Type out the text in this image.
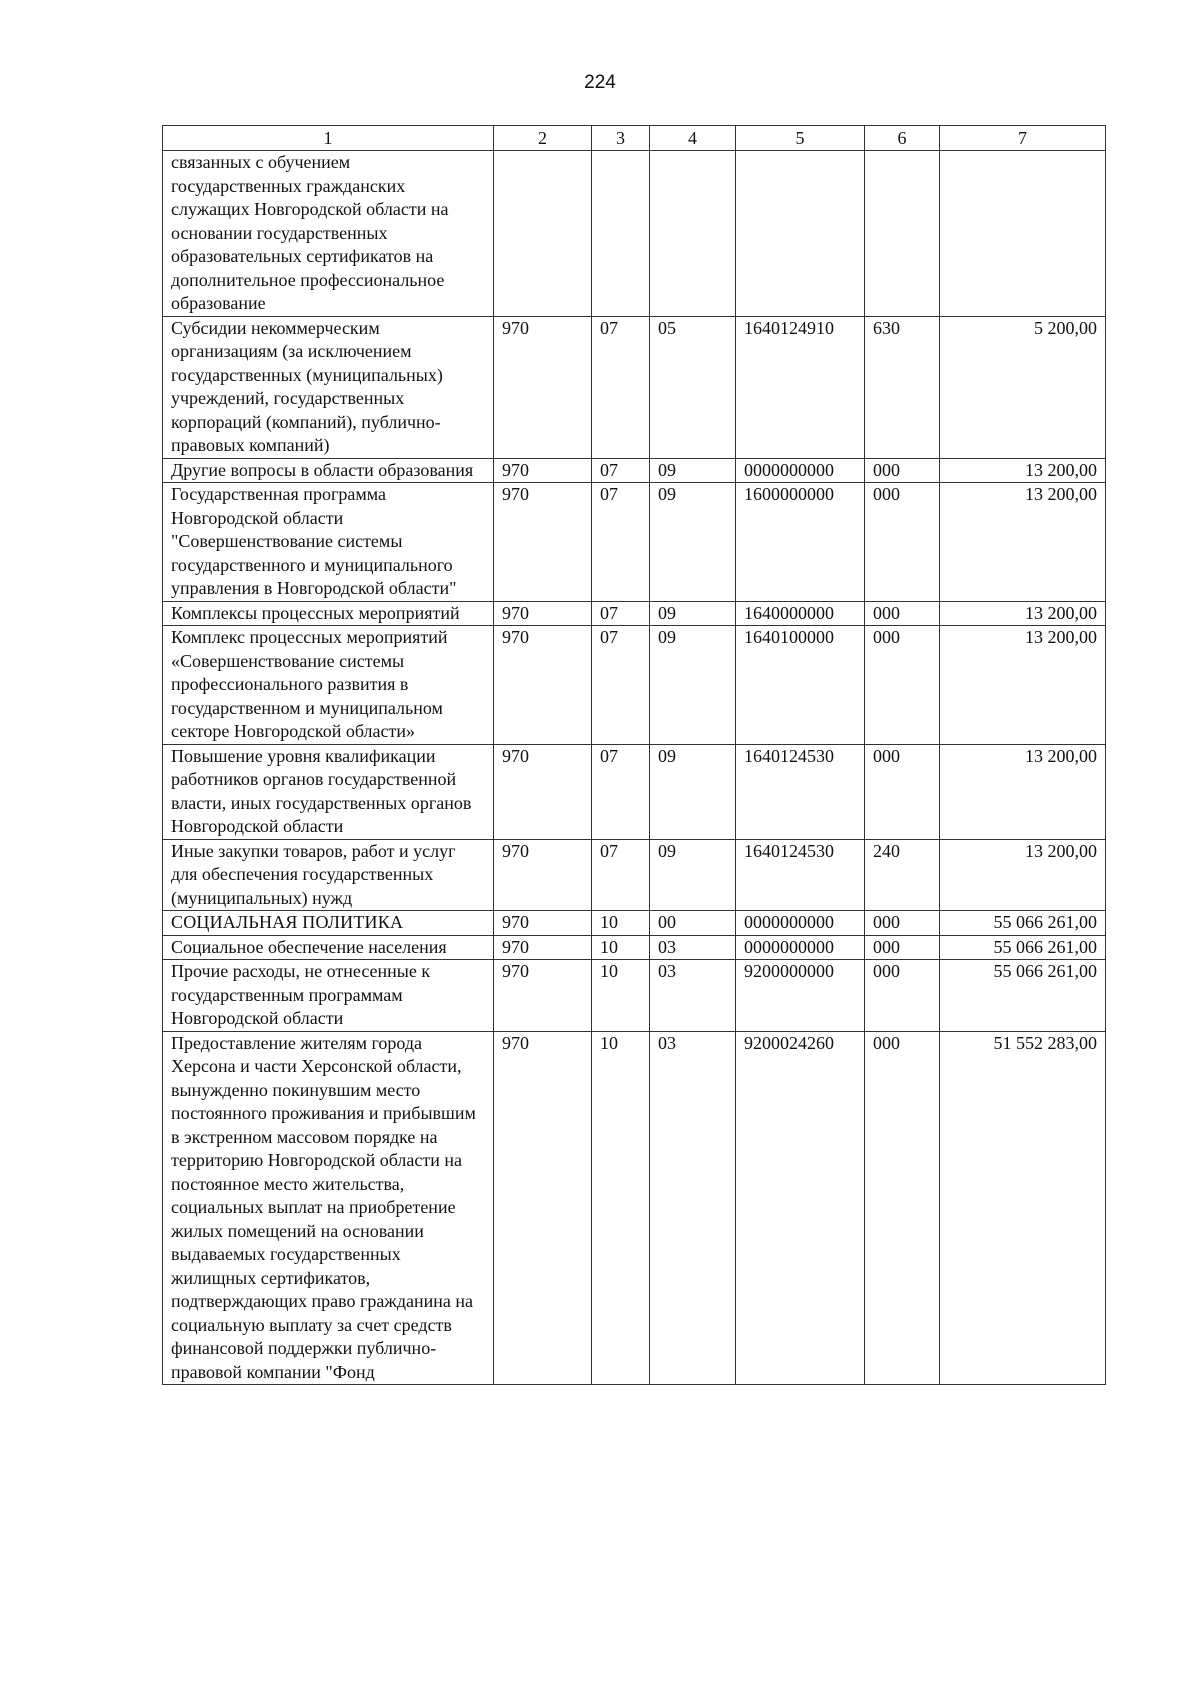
224
1	2	3	4	5	6	7
связанных с обучением государственных гражданских служащих Новгородской области на основании государственных образовательных сертификатов на дополнительное профессиональное образование						
Субсидии некоммерческим организациям (за исключением государственных (муниципальных) учреждений, государственных корпораций (компаний), публично-правовых компаний)	970	07	05	1640124910	630	5 200,00
Другие вопросы в области образования	970	07	09	0000000000	000	13 200,00
Государственная программа Новгородской области "Совершенствование системы государственного и муниципального управления в Новгородской области"	970	07	09	1600000000	000	13 200,00
Комплексы процессных мероприятий	970	07	09	1640000000	000	13 200,00
Комплекс процессных мероприятий «Совершенствование системы профессионального развития в государственном и муниципальном секторе Новгородской области»	970	07	09	1640100000	000	13 200,00
Повышение уровня квалификации работников органов государственной власти, иных государственных органов Новгородской области	970	07	09	1640124530	000	13 200,00
Иные закупки товаров, работ и услуг для обеспечения государственных (муниципальных) нужд	970	07	09	1640124530	240	13 200,00
СОЦИАЛЬНАЯ ПОЛИТИКА	970	10	00	0000000000	000	55 066 261,00
Социальное обеспечение населения	970	10	03	0000000000	000	55 066 261,00
Прочие расходы, не отнесенные к государственным программам Новгородской области	970	10	03	9200000000	000	55 066 261,00
Предоставление жителям города Херсона и части Херсонской области, вынужденно покинувшим место постоянного проживания и прибывшим в экстренном массовом порядке на территорию Новгородской области на постоянное место жительства, социальных выплат на приобретение жилых помещений на основании выдаваемых государственных жилищных сертификатов, подтверждающих право гражданина на социальную выплату за счет средств финансовой поддержки публично-правовой компании "Фонд	970	10	03	9200024260	000	51 552 283,00
